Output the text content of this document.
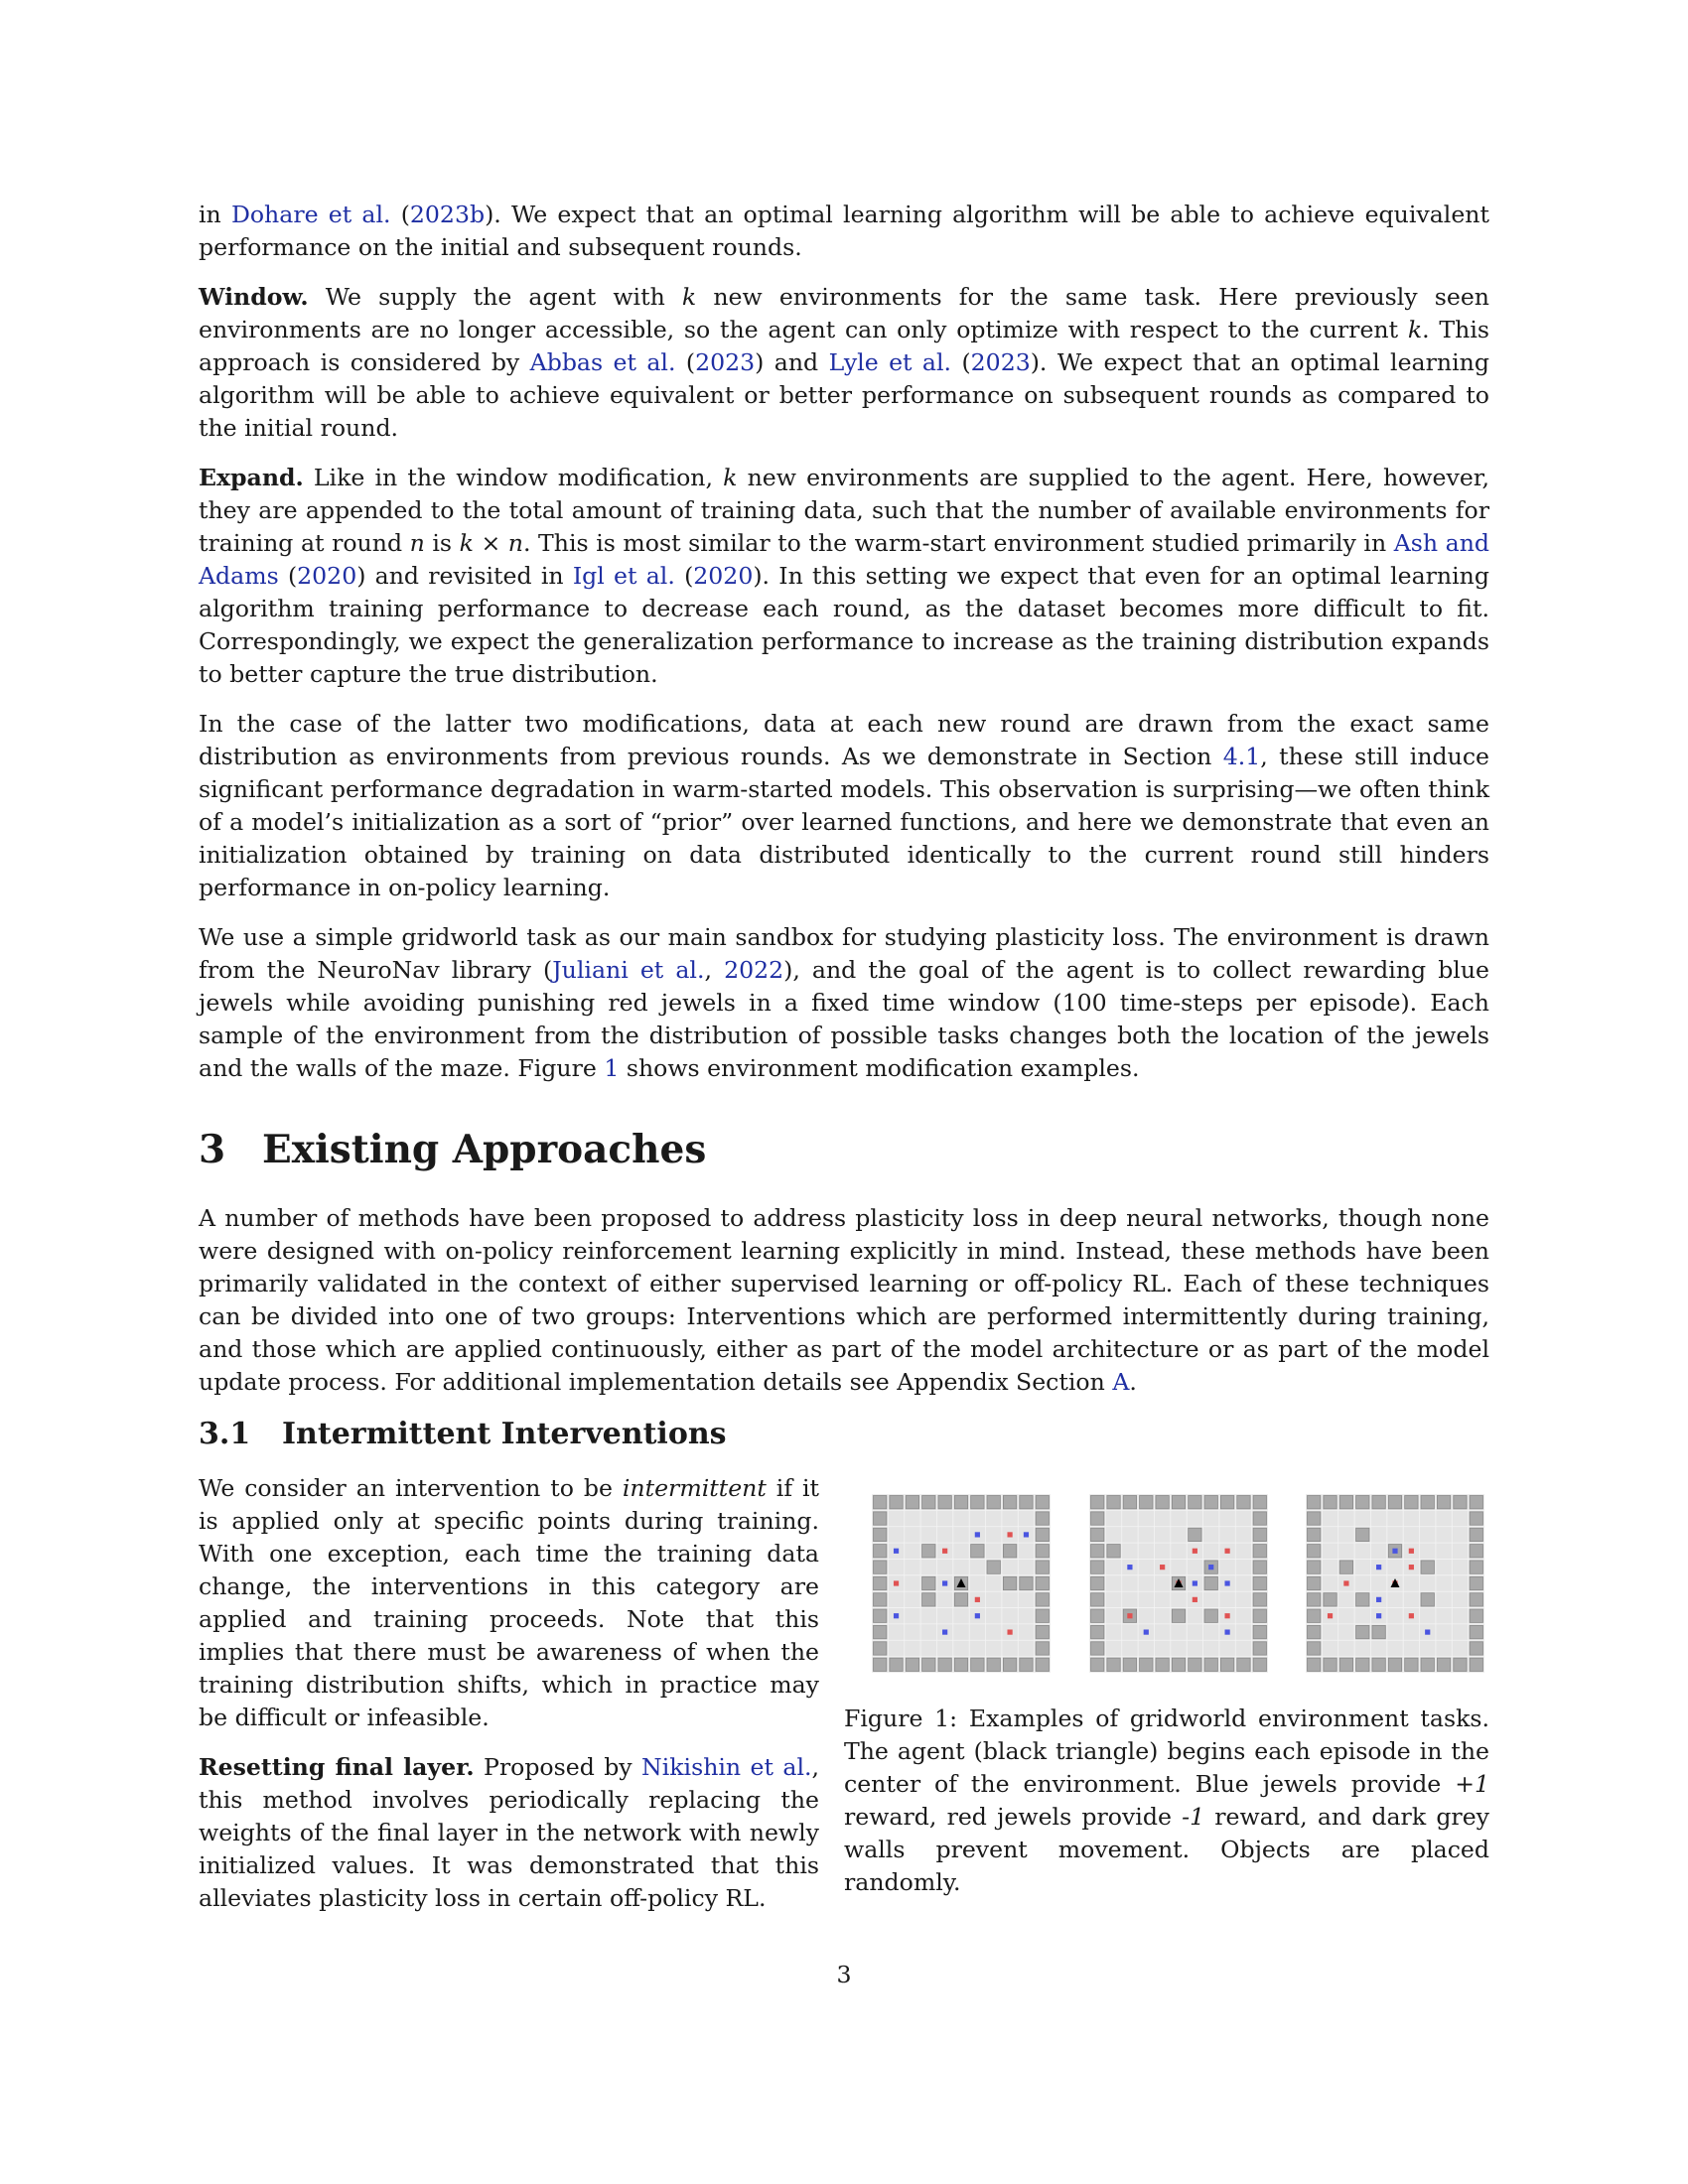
in Dohare et al. (2023b). We expect that an optimal learning algorithm will be able to achieve equivalent performance on the initial and subsequent rounds.

Window. We supply the agent with k new environments for the same task. Here previously seen environments are no longer accessible, so the agent can only optimize with respect to the current k. This approach is considered by Abbas et al. (2023) and Lyle et al. (2023). We expect that an optimal learning algorithm will be able to achieve equivalent or better performance on subsequent rounds as compared to the initial round.

Expand. Like in the window modification, k new environments are supplied to the agent. Here, however, they are appended to the total amount of training data, such that the number of available environments for training at round n is k × n. This is most similar to the warm-start environment studied primarily in Ash and Adams (2020) and revisited in Igl et al. (2020). In this setting we expect that even for an optimal learning algorithm training performance to decrease each round, as the dataset becomes more difficult to fit. Correspondingly, we expect the generalization performance to increase as the training distribution expands to better capture the true distribution.

In the case of the latter two modifications, data at each new round are drawn from the exact same distribution as environments from previous rounds. As we demonstrate in Section 4.1, these still induce significant performance degradation in warm-started models. This observation is surprising—we often think of a model’s initialization as a sort of “prior” over learned functions, and here we demonstrate that even an initialization obtained by training on data distributed identically to the current round still hinders performance in on-policy learning.

We use a simple gridworld task as our main sandbox for studying plasticity loss. The environment is drawn from the NeuroNav library (Juliani et al., 2022), and the goal of the agent is to collect rewarding blue jewels while avoiding punishing red jewels in a fixed time window (100 time-steps per episode). Each sample of the environment from the distribution of possible tasks changes both the location of the jewels and the walls of the maze. Figure 1 shows environment modification examples.

3 Existing Approaches

A number of methods have been proposed to address plasticity loss in deep neural networks, though none were designed with on-policy reinforcement learning explicitly in mind. Instead, these methods have been primarily validated in the context of either supervised learning or off-policy RL. Each of these techniques can be divided into one of two groups: Interventions which are performed intermittently during training, and those which are applied continuously, either as part of the model architecture or as part of the model update process. For additional implementation details see Appendix Section A.

3.1 Intermittent Interventions

We consider an intervention to be intermittent if it is applied only at specific points during training. With one exception, each time the training data change, the interventions in this category are applied and training proceeds. Note that this implies that there must be awareness of when the training distribution shifts, which in practice may be difficult or infeasible.

Resetting final layer. Proposed by Nikishin et al., this method involves periodically replacing the weights of the final layer in the network with newly initialized values. It was demonstrated that this alleviates plasticity loss in certain off-policy RL.

Figure 1: Examples of gridworld environment tasks. The agent (black triangle) begins each episode in the center of the environment. Blue jewels provide +1 reward, red jewels provide -1 reward, and dark grey walls prevent movement. Objects are placed randomly.
3
